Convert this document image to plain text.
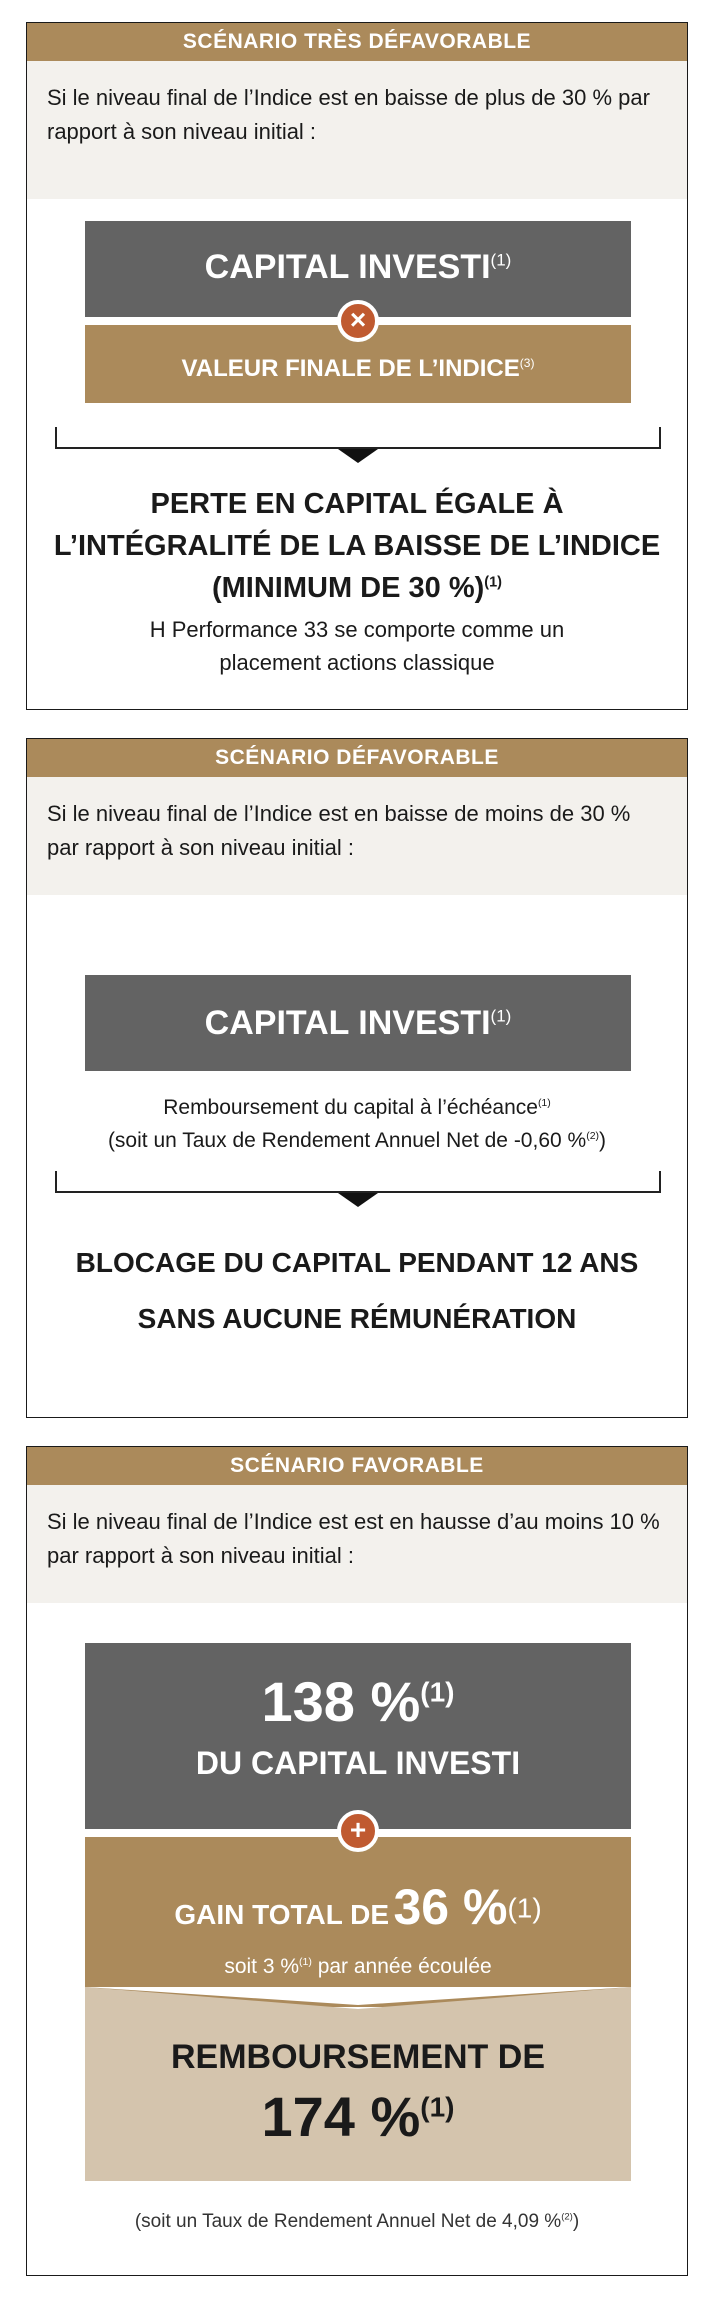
SCÉNARIO TRÈS DÉFAVORABLE
Si le niveau final de l’Indice est en baisse de plus de 30 % par rapport à son niveau initial :
CAPITAL INVESTI$^{(1)}$
VALEUR FINALE DE $L’INDICE^{(3)}$
×
PERTE EN CAPITAL ÉGALE À
L’INTÉGRALITÉ DE LA BAISSE DE L’INDICE
(MINIMUM DE 30 %)$^{(1)}$
H Performance 33 se comporte comme un
placement actions classique
SCÉNARIO DÉFAVORABLE
Si le niveau final de l’Indice est en baisse de moins de 30 % par rapport à son niveau initial :
CAPITAL INVESTI$^{(1)}$
Remboursement du capital à l’échéance$^{(1)}$
(soit un Taux de Rendement Annuel Net de -0,60 %$^{(2)}$)
BLOCAGE DU CAPITAL PENDANT 12 ANS
SANS AUCUNE RÉMUNÉRATION
SCÉNARIO FAVORABLE
Si le niveau final de l’Indice est est en hausse d’au moins 10 % par rapport à son niveau initial :
138 %$^{(1)}$
DU CAPITAL INVESTI
GAIN TOTAL DE 36 %$^{(1)}$
soit 3 %$^{(1)}$ par année écoulée
+
REMBOURSEMENT DE
174 %$^{(1)}$
(soit un Taux de Rendement Annuel Net de 4,09 %$^{(2)}$)
